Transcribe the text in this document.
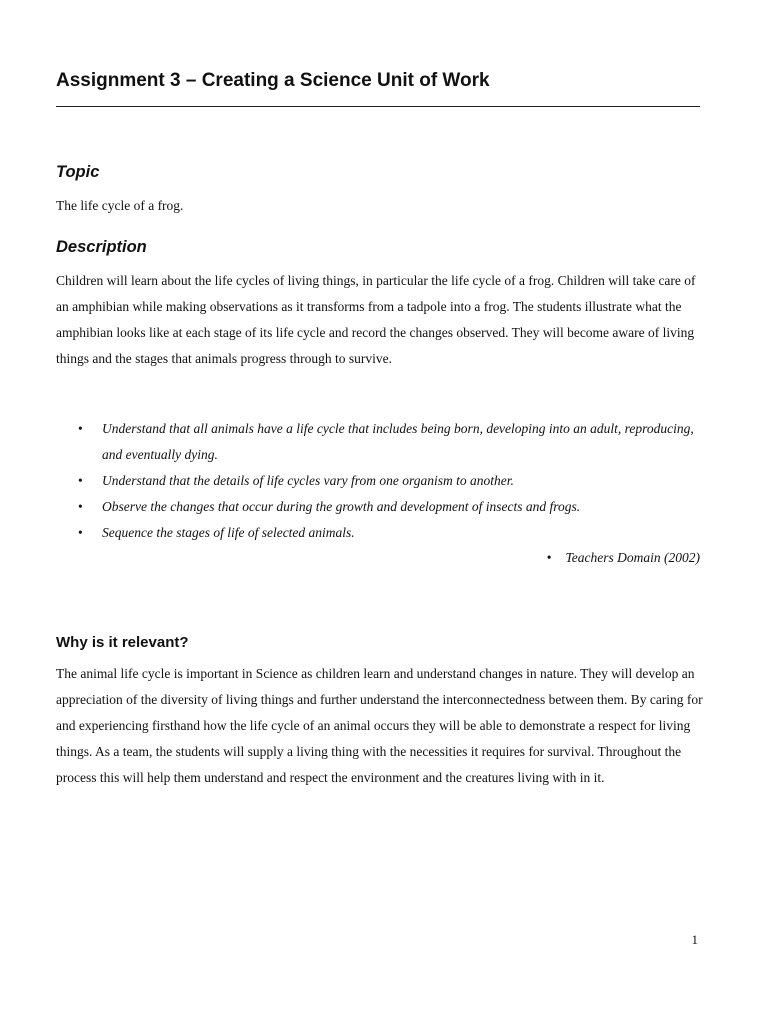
Assignment 3 – Creating a Science Unit of Work
Topic

The life cycle of a frog.

Description

Children will learn about the life cycles of living things, in particular the life cycle of a frog. Children will take care of an amphibian while making observations as it transforms from a tadpole into a frog. The students illustrate what the amphibian looks like at each stage of its life cycle and record the changes observed. They will become aware of living things and the stages that animals progress through to survive.

• Understand that all animals have a life cycle that includes being born, developing into an adult, reproducing, and eventually dying.
• Understand that the details of life cycles vary from one organism to another.
• Observe the changes that occur during the growth and development of insects and frogs.
• Sequence the stages of life of selected animals.
• Teachers Domain (2002)
Why is it relevant?

The animal life cycle is important in Science as children learn and understand changes in nature. They will develop an appreciation of the diversity of living things and further understand the interconnectedness between them. By caring for and experiencing firsthand how the life cycle of an animal occurs they will be able to demonstrate a respect for living things. As a team, the students will supply a living thing with the necessities it requires for survival. Throughout the process this will help them understand and respect the environment and the creatures living with in it.

1
